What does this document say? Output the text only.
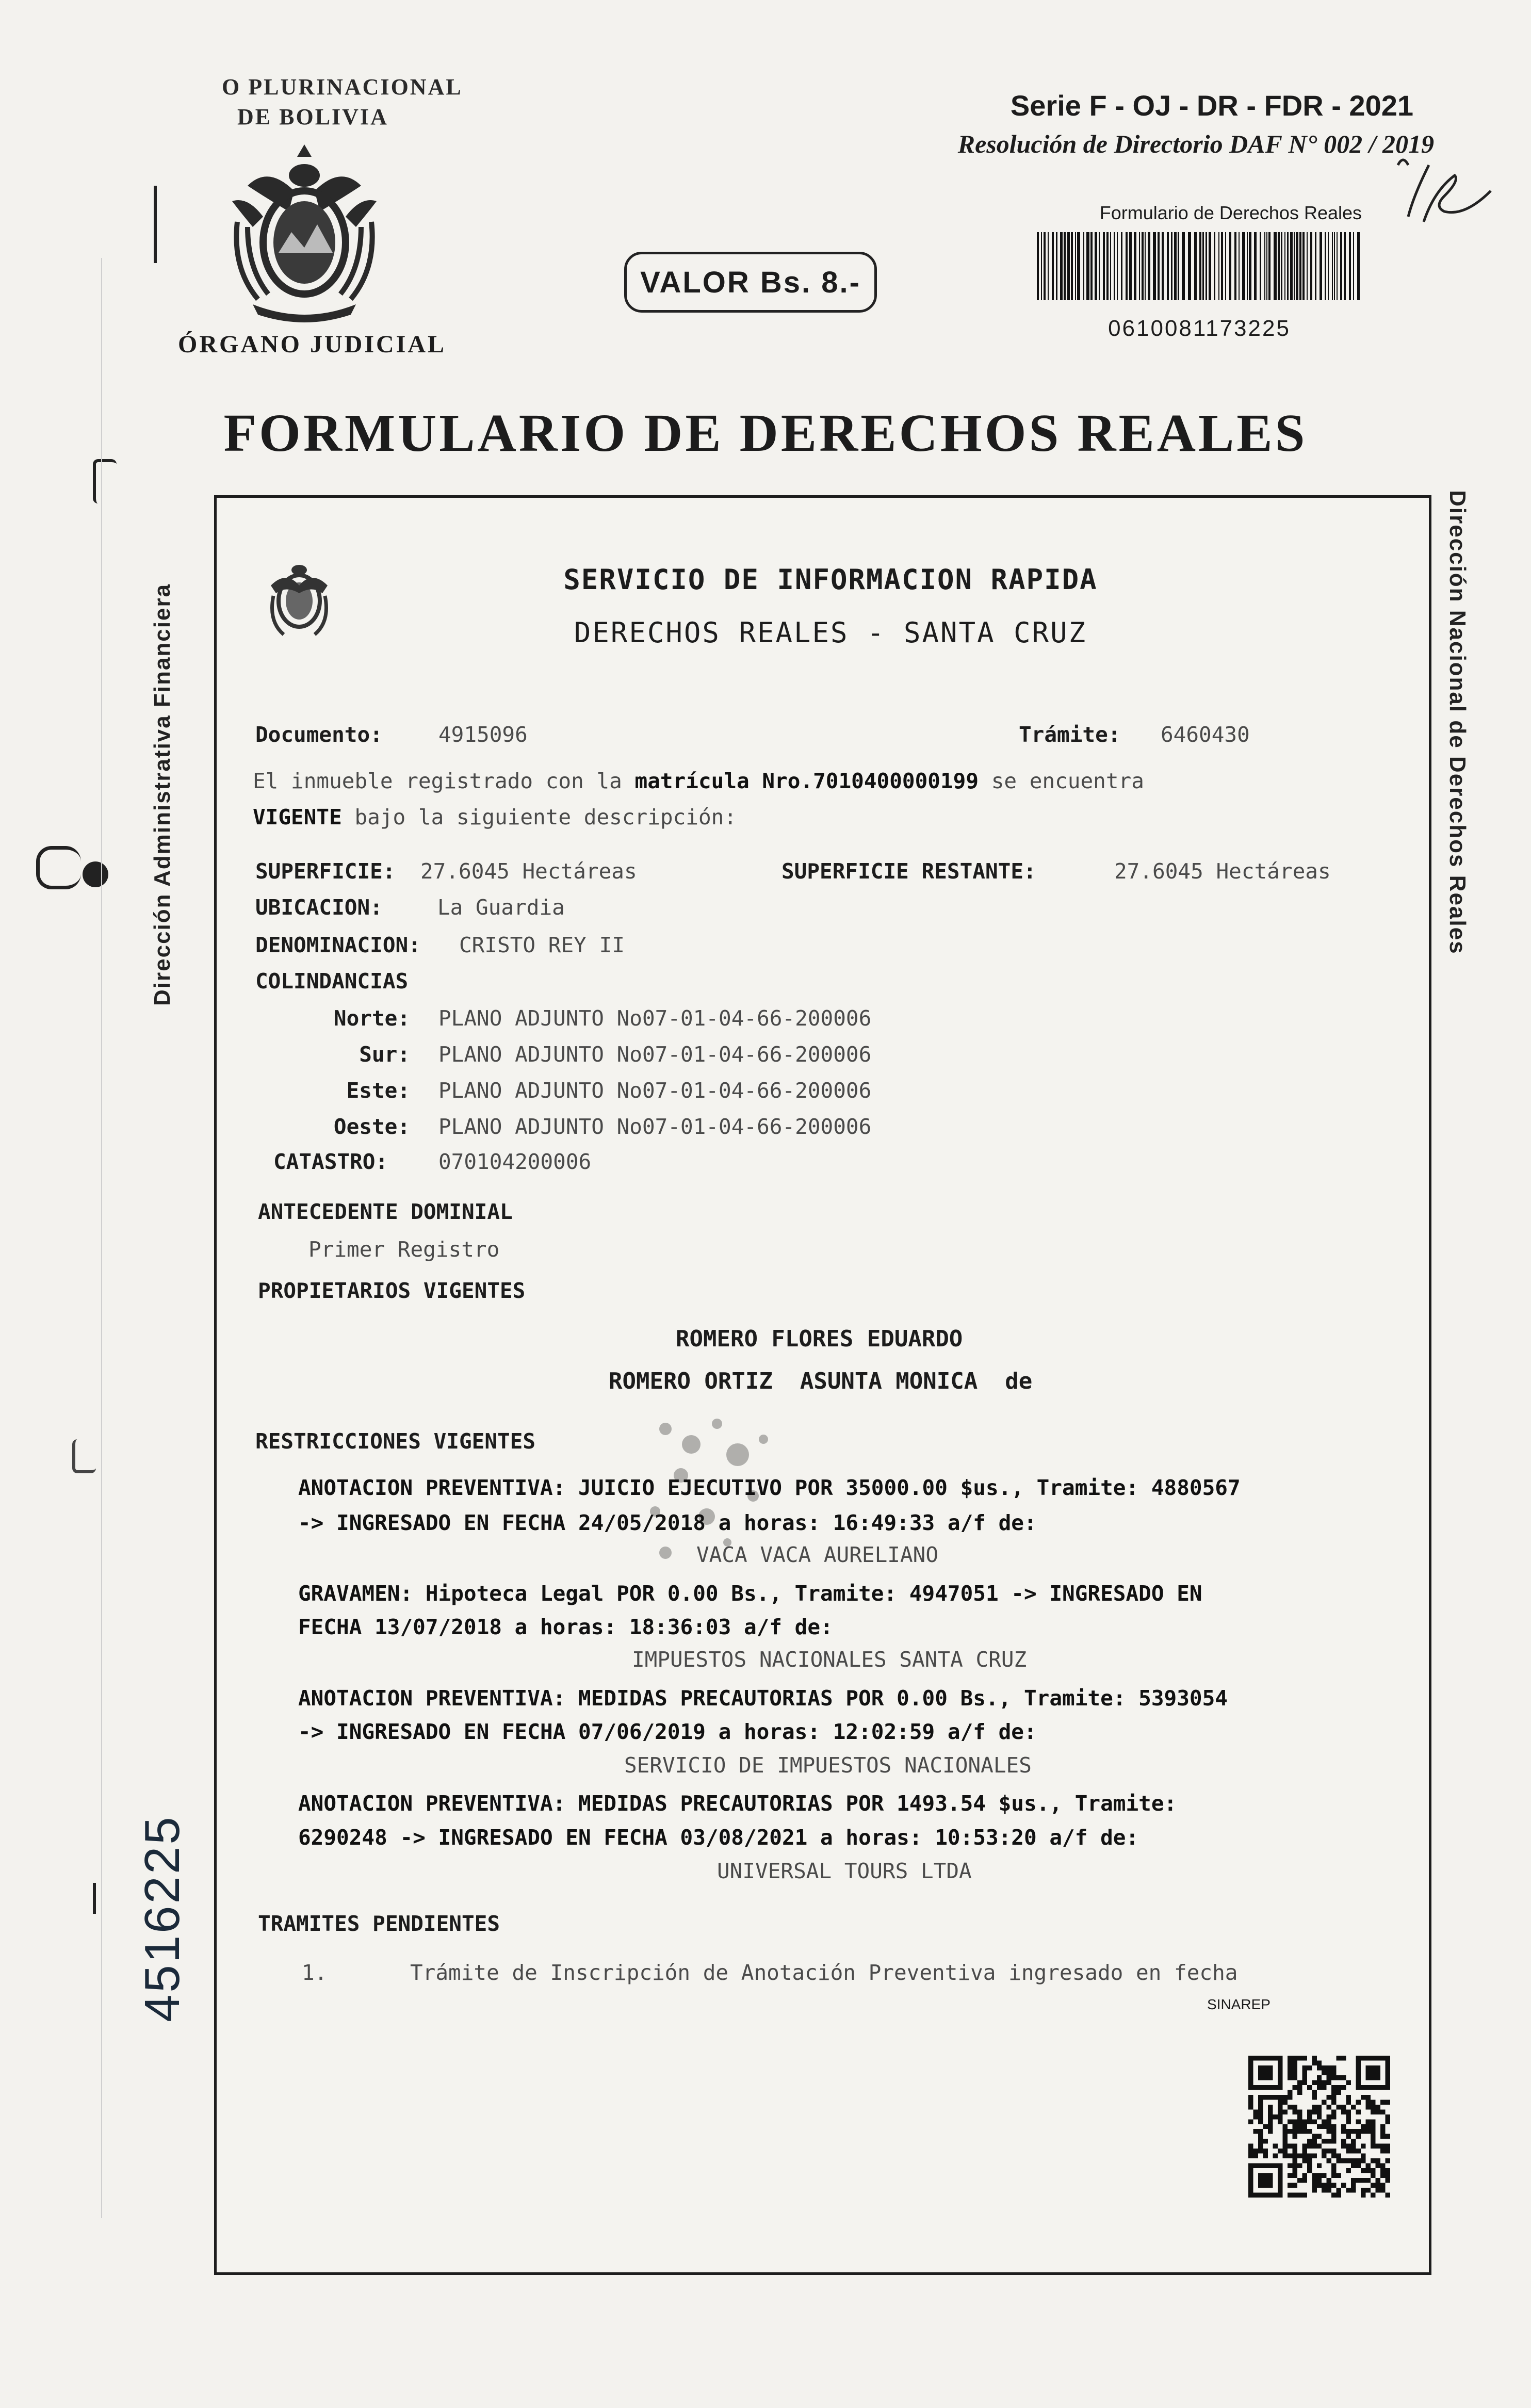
O PLURINACIONAL
DE BOLIVIA
ÓRGANO JUDICIAL
VALOR Bs. 8.-
Serie F - OJ - DR - FDR - 2021
Resolución de Directorio DAF N° 002 / 2019
Formulario de Derechos Reales
0610081173225
FORMULARIO DE DERECHOS REALES
Dirección Administrativa Financiera	Dirección Nacional de Derechos Reales
4516225
SERVICIO DE INFORMACION RAPIDA
DERECHOS REALES - SANTA CRUZ
Documento:	4915096	Trámite: 6460430
El inmueble registrado con la matrícula Nro.7010400000199 se encuentra
VIGENTE bajo la siguiente descripción:
SUPERFICIE: 27.6045 Hectáreas	SUPERFICIE RESTANTE:	27.6045 Hectáreas
UBICACION:	La Guardia
DENOMINACION: CRISTO REY II
COLINDANCIAS
Norte: PLANO ADJUNTO No07-01-04-66-200006
Sur: PLANO ADJUNTO No07-01-04-66-200006
Este: PLANO ADJUNTO No07-01-04-66-200006
Oeste: PLANO ADJUNTO No07-01-04-66-200006
CATASTRO: 070104200006
ANTECEDENTE DOMINIAL
Primer Registro
PROPIETARIOS VIGENTES
ROMERO FLORES EDUARDO
ROMERO ORTIZ  ASUNTA MONICA  de
RESTRICCIONES VIGENTES
ANOTACION PREVENTIVA: JUICIO EJECUTIVO POR 35000.00 $us., Tramite: 4880567
-> INGRESADO EN FECHA 24/05/2018 a horas: 16:49:33 a/f de:
VACA VACA AURELIANO
GRAVAMEN: Hipoteca Legal POR 0.00 Bs., Tramite: 4947051 -> INGRESADO EN
FECHA 13/07/2018 a horas: 18:36:03 a/f de:
IMPUESTOS NACIONALES SANTA CRUZ
ANOTACION PREVENTIVA: MEDIDAS PRECAUTORIAS POR 0.00 Bs., Tramite: 5393054
-> INGRESADO EN FECHA 07/06/2019 a horas: 12:02:59 a/f de:
SERVICIO DE IMPUESTOS NACIONALES
ANOTACION PREVENTIVA: MEDIDAS PRECAUTORIAS POR 1493.54 $us., Tramite:
6290248 -> INGRESADO EN FECHA 03/08/2021 a horas: 10:53:20 a/f de:
UNIVERSAL TOURS LTDA
TRAMITES PENDIENTES
1.	Trámite de Inscripción de Anotación Preventiva ingresado en fecha
SINAREP
